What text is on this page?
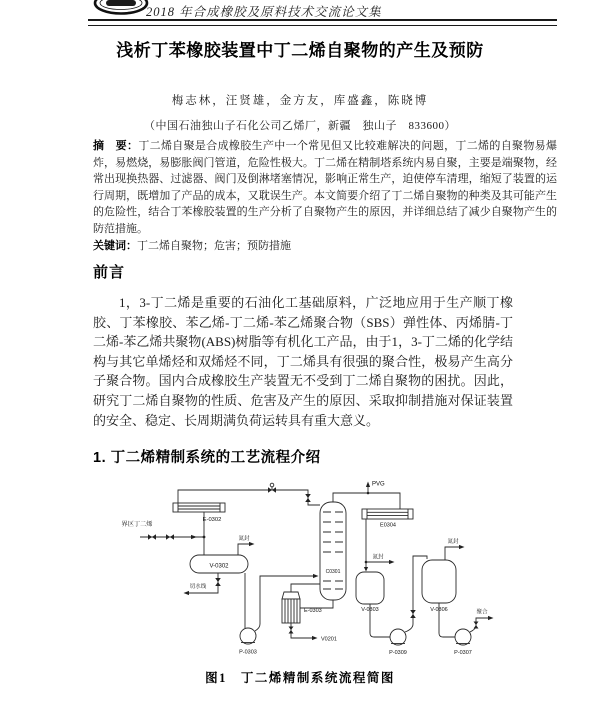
2018 年合成橡胶及原料技术交流论文集
浅析丁苯橡胶装置中丁二烯自聚物的产生及预防
梅志林，汪贤雄，金方友，库盛鑫，陈晓博
（中国石油独山子石化公司乙烯厂，新疆　独山子　833600）
摘　要：丁二烯自聚是合成橡胶生产中一个常见但又比较难解决的问题，丁二烯的自聚物易爆炸，易燃烧，易膨胀阀门管道，危险性极大。丁二烯在精制塔系统内易自聚，主要是端聚物，经常出现换热器、过滤器、阀门及倒淋堵塞情况，影响正常生产，迫使停车清理，缩短了装置的运行周期，既增加了产品的成本，又耽误生产。本文简要介绍了丁二烯自聚物的种类及其可能产生的危险性，结合丁苯橡胶装置的生产分析了自聚物产生的原因，并详细总结了减少自聚物产生的防范措施。
关键词：丁二烯自聚物；危害；预防措施
前言
1，3-丁二烯是重要的石油化工基础原料，广泛地应用于生产顺丁橡胶、丁苯橡胶、苯乙烯-丁二烯-苯乙烯聚合物（SBS）弹性体、丙烯腈-丁二烯-苯乙烯共聚物(ABS)树脂等有机化工产品，由于1，3-丁二烯的化学结构与其它单烯烃和双烯烃不同，丁二烯具有很强的聚合性，极易产生高分子聚合物。国内合成橡胶生产装置无不受到丁二烯自聚物的困扰。因此，研究丁二烯自聚物的性质、危害及产生的原因、采取抑制措施对保证装置的安全、稳定、长周期满负荷运转具有重大意义。
1. 丁二烯精制系统的工艺流程介绍
界区丁二烯
E-0302
V-0302
氮封
切水线
P-0303
C0301
PVG
E0304
氮封
V-0303
P-0309
V-0306
氮封
P-0307
聚合
E-0303
V0201
图1　丁二烯精制系统流程简图
